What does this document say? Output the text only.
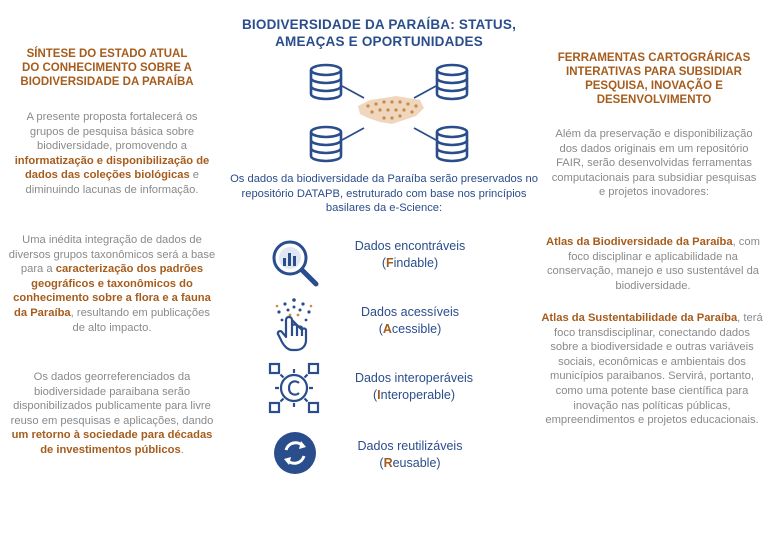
BIODIVERSIDADE DA PARAÍBA: STATUS,
AMEAÇAS E OPORTUNIDADES
SÍNTESE DO ESTADO ATUAL
DO CONHECIMENTO SOBRE A
BIODIVERSIDADE DA PARAÍBA
A presente proposta fortalecerá os grupos de pesquisa básica sobre biodiversidade, promovendo a informatização e disponibilização de dados das coleções biológicas e diminuindo lacunas de informação.
Uma inédita integração de dados de diversos grupos taxonômicos será a base para a caracterização dos padrões geográficos e taxonômicos do conhecimento sobre a flora e a fauna da Paraíba, resultando em publicações de alto impacto.
Os dados georreferenciados da biodiversidade paraibana serão disponibilizados publicamente para livre reuso em pesquisas e aplicações, dando um retorno à sociedade para décadas de investimentos públicos.
Os dados da biodiversidade da Paraíba serão preservados no repositório DATAPB, estruturado com base nos princípios basilares da e-Science:
Dados encontráveis
(Findable)
Dados acessíveis
(Acessible)
Dados interoperáveis
(Interoperable)
Dados reutilizáveis
(Reusable)
FERRAMENTAS CARTOGRÁRICAS
INTERATIVAS PARA SUBSIDIAR
PESQUISA, INOVAÇÃO E
DESENVOLVIMENTO
Além da preservação e disponibilização dos dados originais em um repositório FAIR, serão desenvolvidas ferramentas computacionais para subsidiar pesquisas e projetos inovadores:
Atlas da Biodiversidade da Paraíba, com foco disciplinar e aplicabilidade na conservação, manejo e uso sustentável da biodiversidade.
Atlas da Sustentabilidade da Paraíba, terá foco transdisciplinar, conectando dados sobre a biodiversidade e outras variáveis sociais, econômicas e ambientais dos municípios paraibanos. Servirá, portanto, como uma potente base científica para inovação nas políticas públicas, empreendimentos e projetos educacionais.
